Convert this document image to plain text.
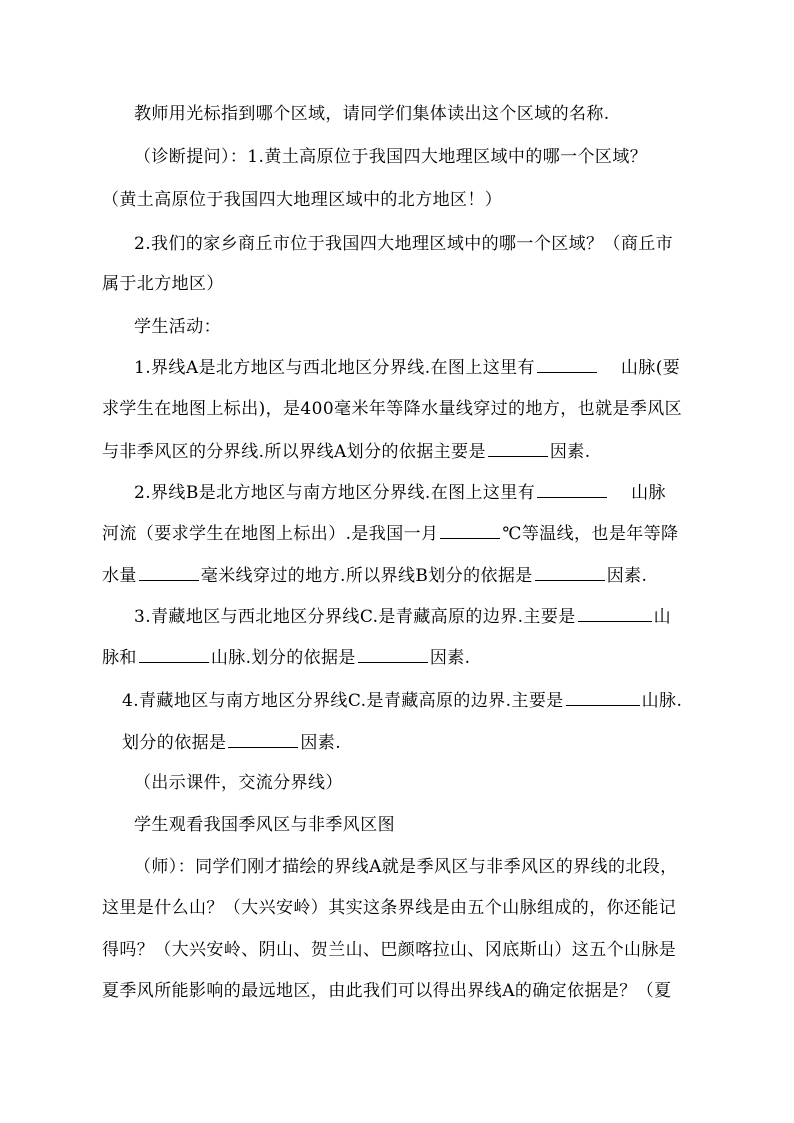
教师用光标指到哪个区域，请同学们集体读出这个区域的名称.

（诊断提问）：1.黄土高原位于我国四大地理区域中的哪一个区域？

（黄土高原位于我国四大地理区域中的北方地区！）

2.我们的家乡商丘市位于我国四大地理区域中的哪一个区域？（商丘市

属于北方地区）

学生活动：

1.界线A是北方地区与西北地区分界线.在图上这里有	山脉(要

求学生在地图上标出)，是400毫米年等降水量线穿过的地方，也就是季风区

与非季风区的分界线.所以界线A划分的依据主要是	因素.

2.界线B是北方地区与南方地区分界线.在图上这里有	山脉

河流（要求学生在地图上标出）.是我国一月	℃等温线，也是年等降

水量	毫米线穿过的地方.所以界线B划分的依据是	因素.

3.青藏地区与西北地区分界线C.是青藏高原的边界.主要是	山

脉和	山脉.划分的依据是	因素.

4.青藏地区与南方地区分界线C.是青藏高原的边界.主要是	山脉.

划分的依据是	因素.

（出示课件，交流分界线）

学生观看我国季风区与非季风区图

（师）：同学们刚才描绘的界线A就是季风区与非季风区的界线的北段，

这里是什么山？（大兴安岭）其实这条界线是由五个山脉组成的，你还能记

得吗？（大兴安岭、阴山、贺兰山、巴颜喀拉山、冈底斯山）这五个山脉是

夏季风所能影响的最远地区，由此我们可以得出界线A的确定依据是？（夏
